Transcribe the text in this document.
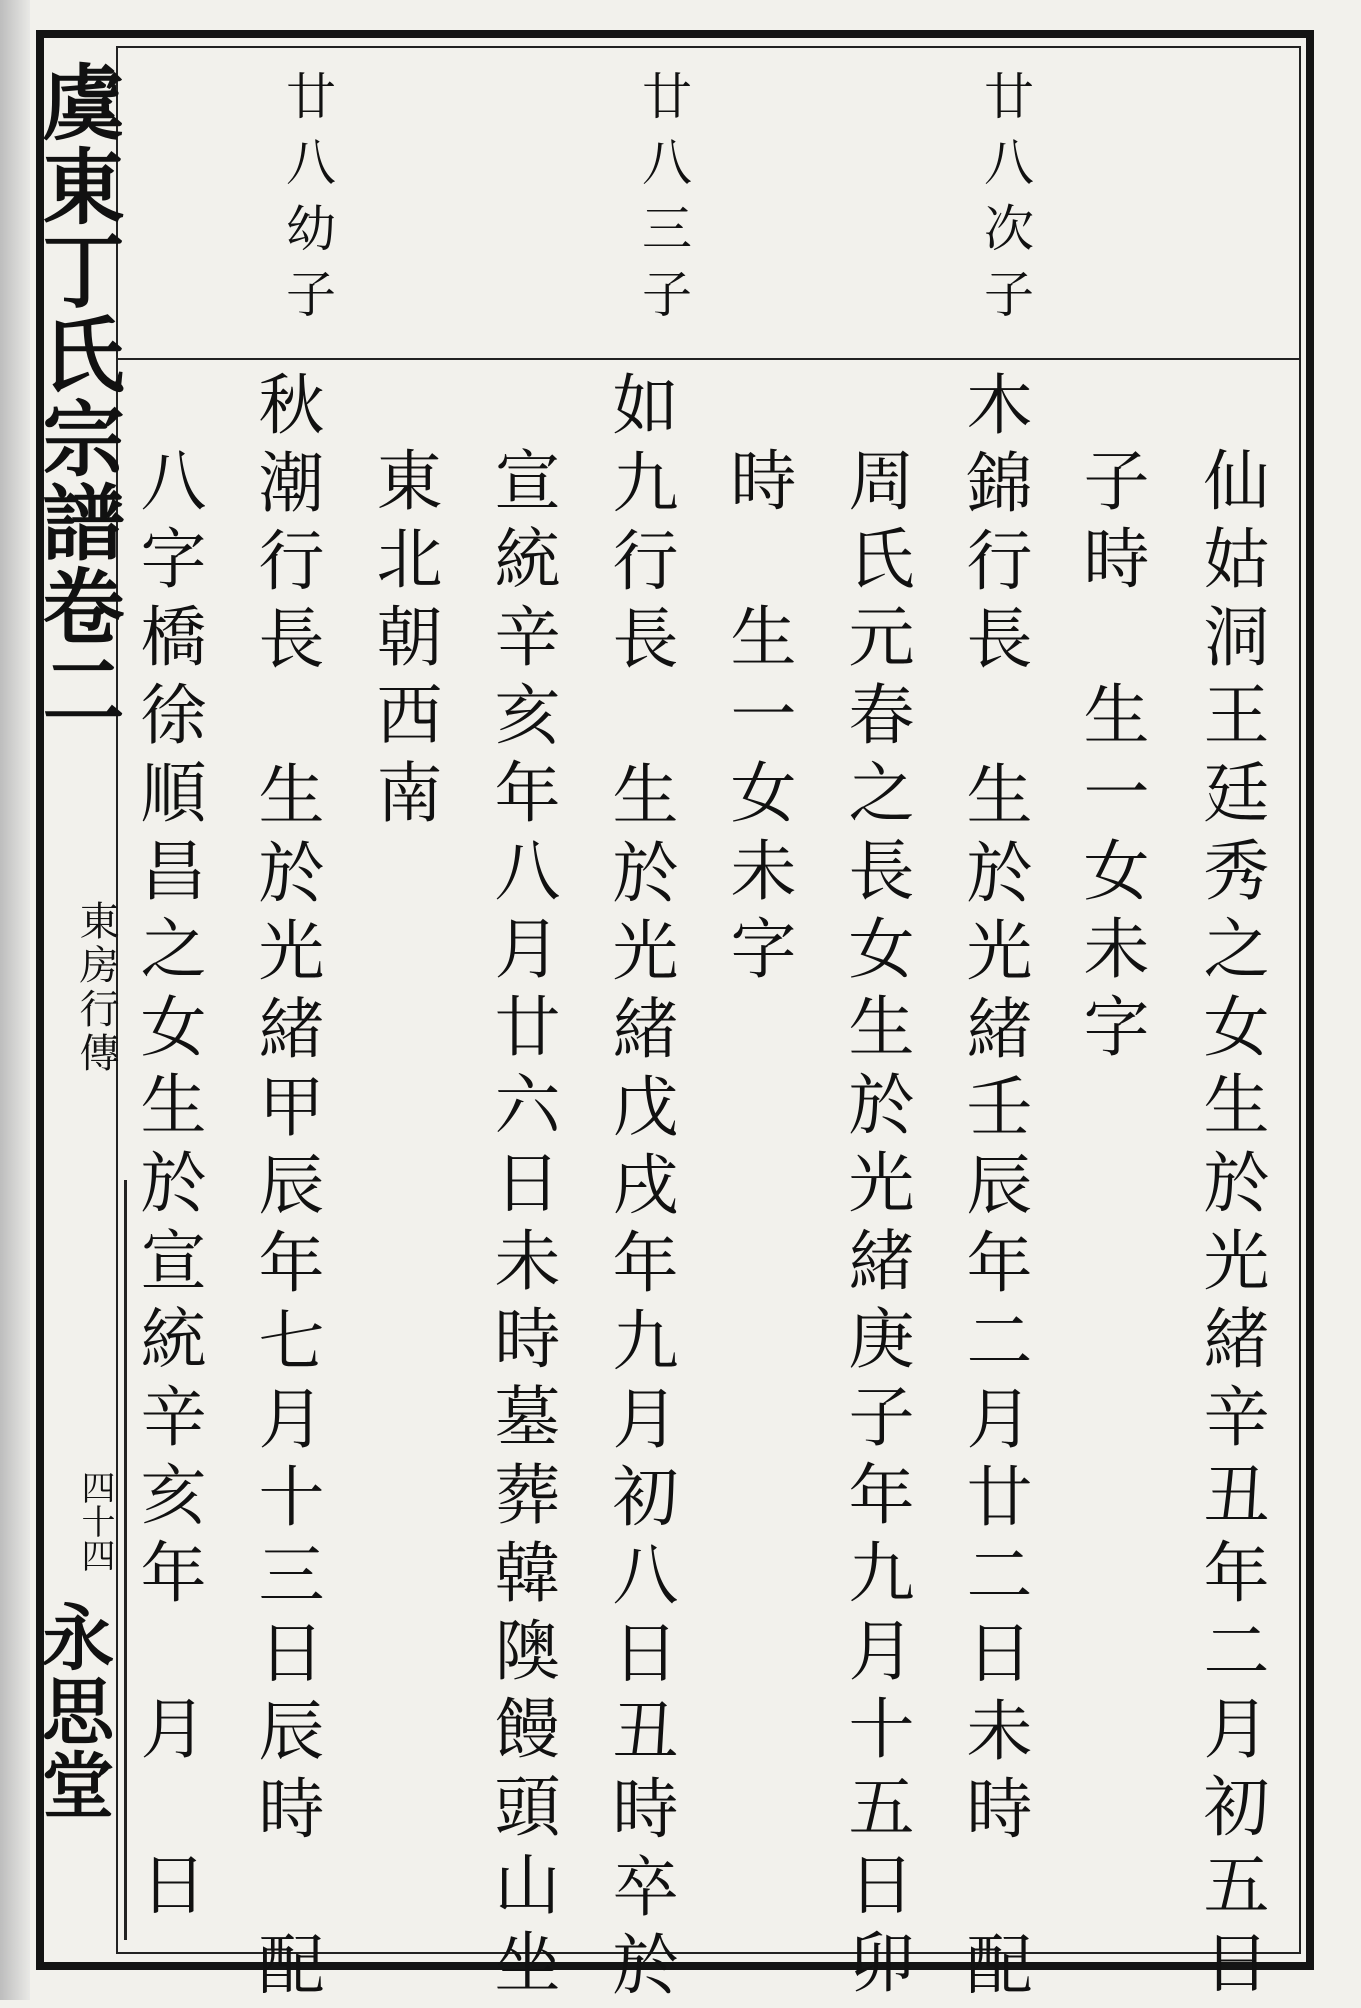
虞東丁氏宗譜卷二
東房行傳
四十四
永思堂
廿八次子
廿八三子
廿八幼子
仙姑洞王廷秀之女生於光緒辛丑年二月初五日
子時　生一女未字
木錦行長　生於光緒壬辰年二月廿二日未時　配
周氏元春之長女生於光緒庚子年九月十五日卯
時　生一女未字
如九行長　生於光緒戊戌年九月初八日丑時卒於
宣統辛亥年八月廿六日未時墓葬韓隩饅頭山坐
東北朝西南
秋潮行長　生於光緒甲辰年七月十三日辰時　配
八字橋徐順昌之女生於宣統辛亥年　月　日
